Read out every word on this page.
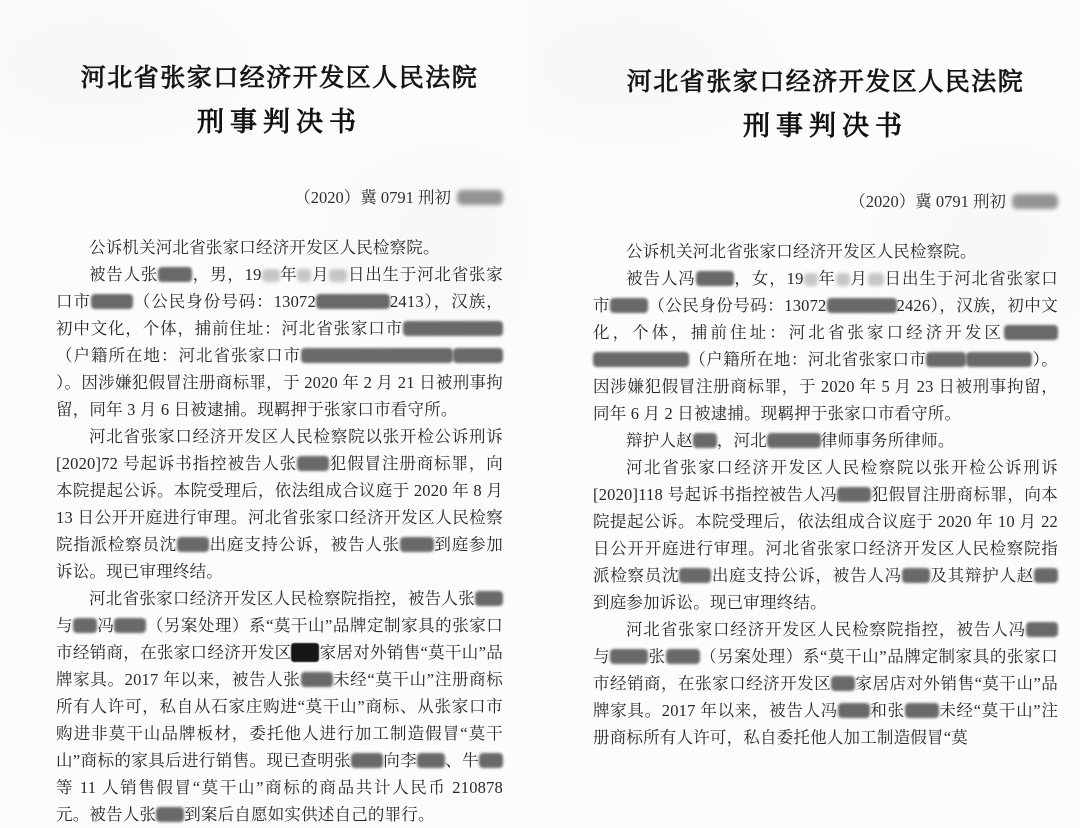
河北省张家口经济开发区人民法院
刑事判决书
（2020）冀 0791 刑初

公诉机关河北省张家口经济开发区人民检察院。

被告人张 ，男，19 年 月 日出生于河北省张家口市	（公民身份号码：13072	2413），汉族，初中文化，个体，捕前住址：河北省张家口市（户籍所在地：河北省张家口市）。因涉嫌犯假冒注册商标罪，于 2020 年 2 月 21 日被刑事拘留，同年 3 月 6 日被逮捕。现羁押于张家口市看守所。

河北省张家口经济开发区人民检察院以张开检公诉刑诉[2020]72 号起诉书指控被告人张 犯假冒注册商标罪，向本院提起公诉。本院受理后，依法组成合议庭于 2020 年 8 月 13 日公开开庭进行审理。河北省张家口经济开发区人民检察院指派检察员沈 出庭支持公诉，被告人张 到庭参加诉讼。现已审理终结。

河北省张家口经济开发区人民检察院指控，被告人张与 冯 （另案处理）系“莫干山”品牌定制家具的张家口市经销商，在张家口经济开发区 家居对外销售“莫干山”品牌家具。2017 年以来，被告人张 未经“莫干山”注册商标所有人许可，私自从石家庄购进“莫干山”商标、从张家口市购进非莫干山品牌板材，委托他人进行加工制造假冒“莫干山”商标的家具后进行销售。现已查明张 向李 、牛等 11 人销售假冒“莫干山”商标的商品共计人民币 210878 元。被告人张 到案后自愿如实供述自己的罪行。

河北省张家口经济开发区人民法院
刑事判决书
（2020）冀 0791 刑初

公诉机关河北省张家口经济开发区人民检察院。

被告人冯 ，女，19 年 月 日出生于河北省张家口市 （公民身份号码：13072	2426），汉族，初中文化，个体，捕前住址：河北省张家口经济开发区（户籍所在地：河北省张家口市	）。因涉嫌犯假冒注册商标罪，于 2020 年 5 月 23 日被刑事拘留，同年 6 月 2 日被逮捕。现羁押于张家口市看守所。

辩护人赵 ，河北	律师事务所律师。

河北省张家口经济开发区人民检察院以张开检公诉刑诉[2020]118 号起诉书指控被告人冯 犯假冒注册商标罪，向本院提起公诉。本院受理后，依法组成合议庭于 2020 年 10 月 22 日公开开庭进行审理。河北省张家口经济开发区人民检察院指派检察员沈 出庭支持公诉，被告人冯 及其辩护人赵到庭参加诉讼。现已审理终结。

河北省张家口经济开发区人民检察院指控，被告人冯与 张 （另案处理）系“莫干山”品牌定制家具的张家口市经销商，在张家口经济开发区 家居店对外销售“莫干山”品牌家具。2017 年以来，被告人冯 和张 未经“莫干山”注册商标所有人许可，私自委托他人加工制造假冒“莫
